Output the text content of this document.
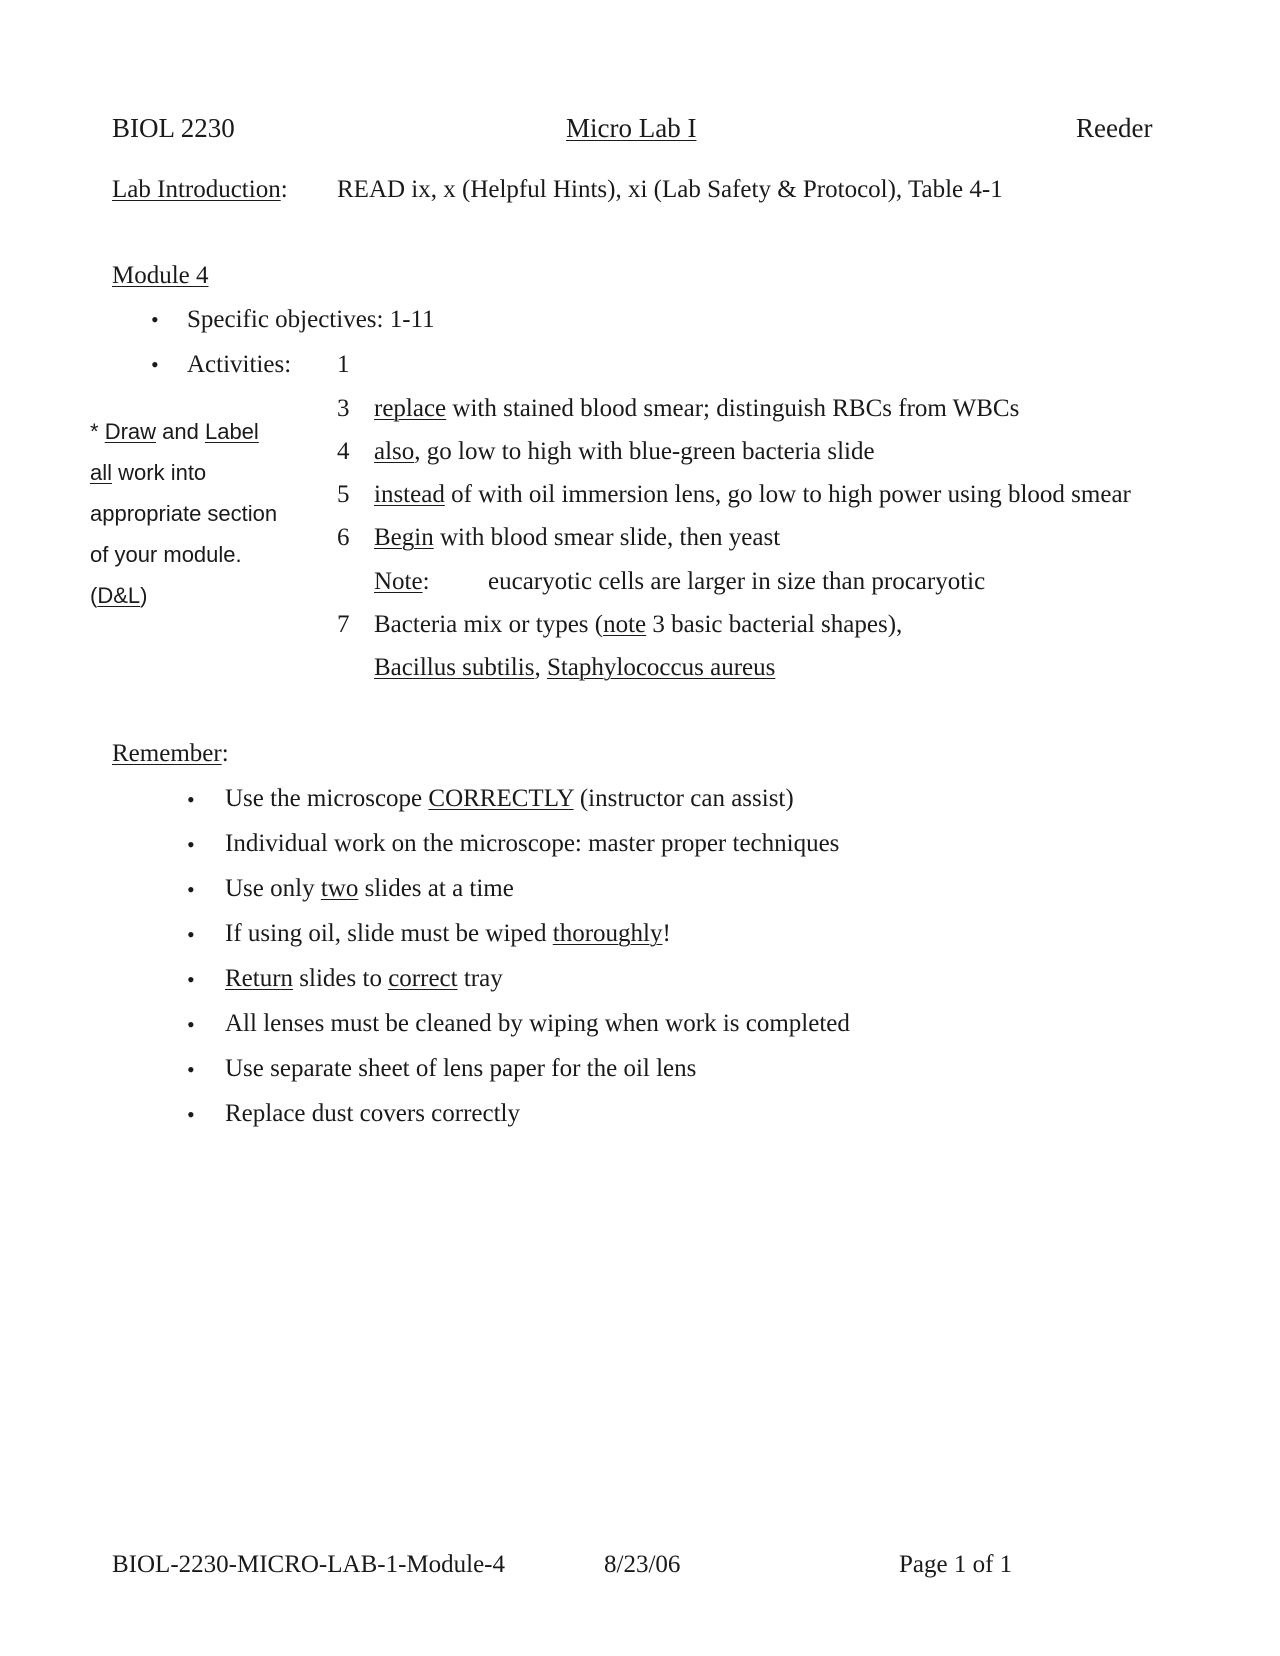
BIOL 2230	Micro Lab I	Reeder
Lab Introduction: READ ix, x (Helpful Hints), xi (Lab Safety & Protocol), Table 4-1
Module 4
• Specific objectives: 1-11
• Activities: 1
* Draw and Label
all work into
appropriate section
of your module.
(D&L)
3 replace with stained blood smear; distinguish RBCs from WBCs
4 also, go low to high with blue-green bacteria slide
5 instead of with oil immersion lens, go low to high power using blood smear
6 Begin with blood smear slide, then yeast
Note: eucaryotic cells are larger in size than procaryotic
7 Bacteria mix or types (note 3 basic bacterial shapes),
Bacillus subtilis, Staphylococcus aureus
Remember:
• Use the microscope CORRECTLY (instructor can assist)
• Individual work on the microscope: master proper techniques
• Use only two slides at a time
• If using oil, slide must be wiped thoroughly!
• Return slides to correct tray
• All lenses must be cleaned by wiping when work is completed
• Use separate sheet of lens paper for the oil lens
• Replace dust covers correctly
BIOL-2230-MICRO-LAB-1-Module-4	8/23/06	Page 1 of 1
